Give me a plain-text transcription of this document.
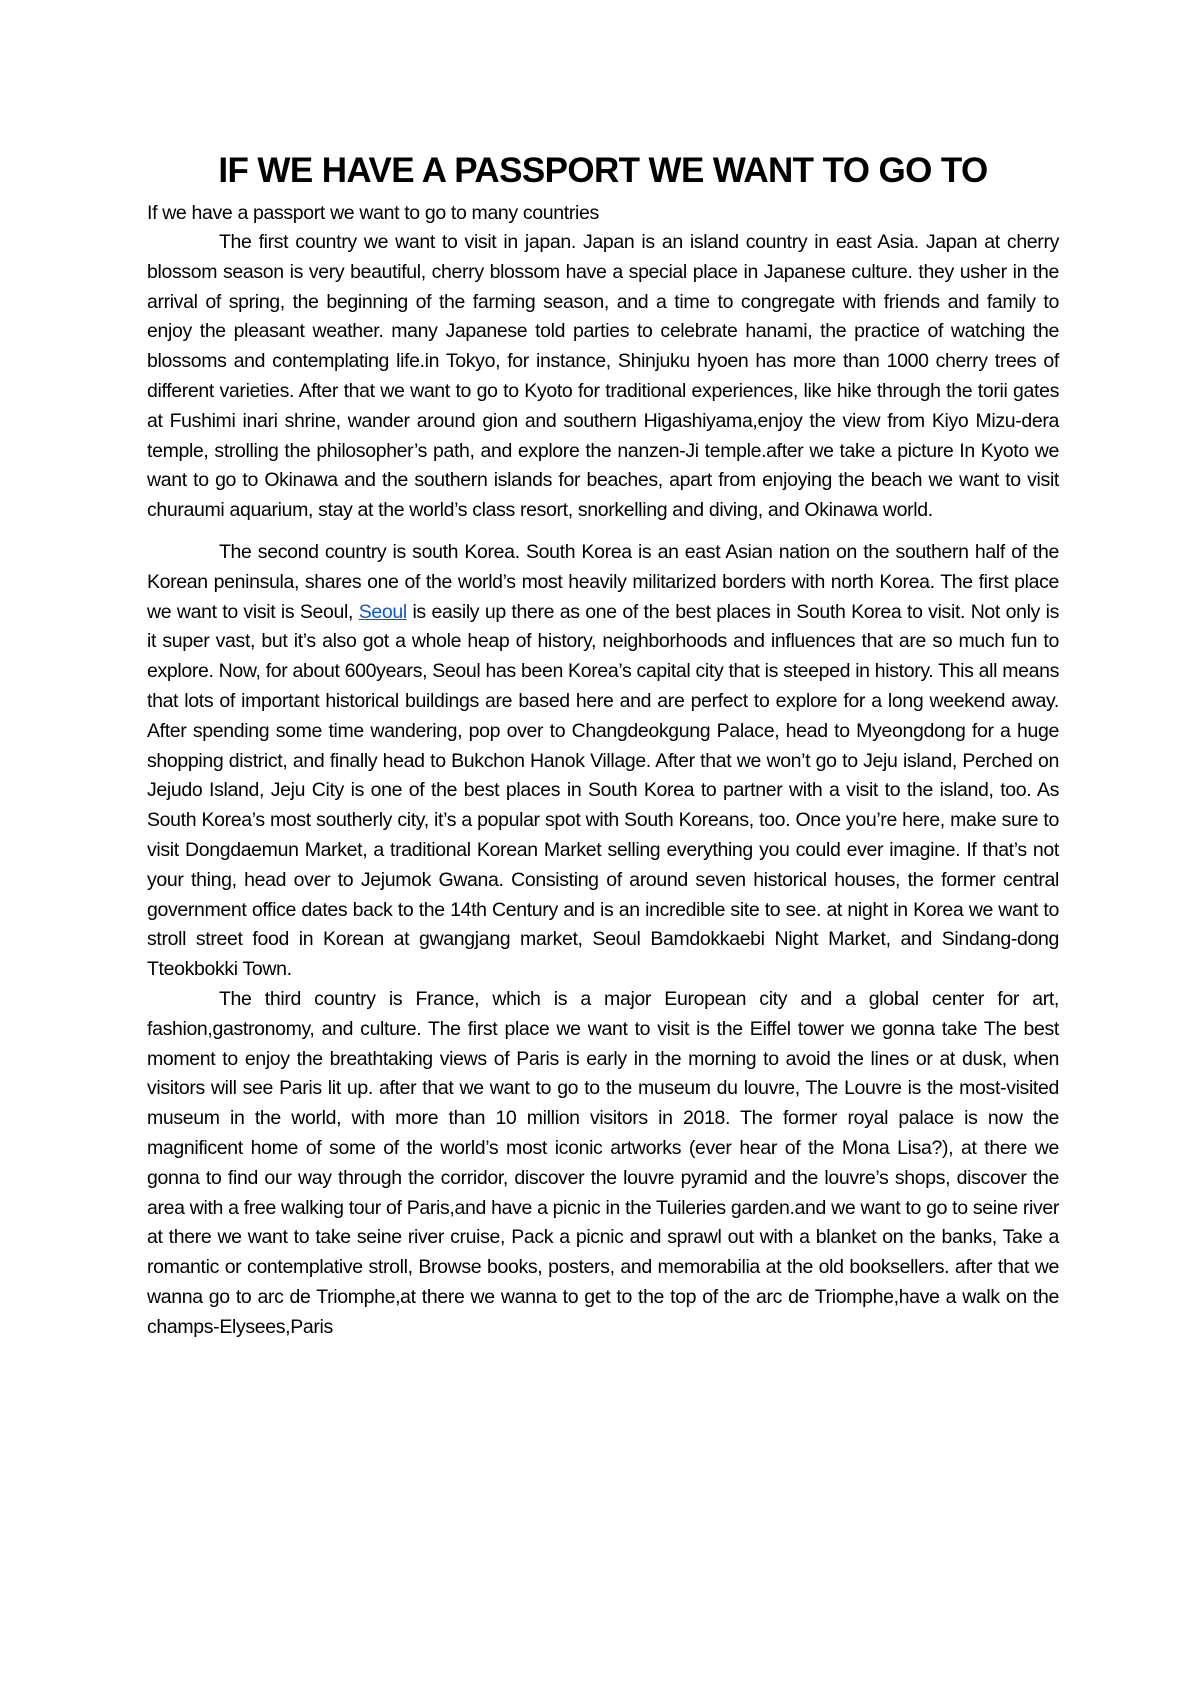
IF WE HAVE A PASSPORT WE WANT TO GO TO

If we have a passport we want to go to many countries

The first country we want to visit in japan. Japan is an island country in east Asia. Japan at cherry blossom season is very beautiful, cherry blossom have a special place in Japanese culture. they usher in the arrival of spring, the beginning of the farming season, and a time to congregate with friends and family to enjoy the pleasant weather. many Japanese told parties to celebrate hanami, the practice of watching the blossoms and contemplating life.in Tokyo, for instance, Shinjuku hyoen has more than 1000 cherry trees of different varieties. After that we want to go to Kyoto for traditional experiences, like hike through the torii gates at Fushimi inari shrine, wander around gion and southern Higashiyama,enjoy the view from Kiyo Mizu-dera temple, strolling the philosopher’s path, and explore the nanzen-Ji temple.after we take a picture In Kyoto we want to go to Okinawa and the southern islands for beaches, apart from enjoying the beach we want to visit churaumi aquarium, stay at the world’s class resort, snorkelling and diving, and Okinawa world.

The second country is south Korea. South Korea is an east Asian nation on the southern half of the Korean peninsula, shares one of the world’s most heavily militarized borders with north Korea. The first place we want to visit is Seoul, Seoul is easily up there as one of the best places in South Korea to visit. Not only is it super vast, but it’s also got a whole heap of history, neighborhoods and influences that are so much fun to explore. Now, for about 600years, Seoul has been Korea’s capital city that is steeped in history. This all means that lots of important historical buildings are based here and are perfect to explore for a long weekend away. After spending some time wandering, pop over to Changdeokgung Palace, head to Myeongdong for a huge shopping district, and finally head to Bukchon Hanok Village. After that we won’t go to Jeju island, Perched on Jejudo Island, Jeju City is one of the best places in South Korea to partner with a visit to the island, too. As South Korea’s most southerly city, it’s a popular spot with South Koreans, too. Once you’re here, make sure to visit Dongdaemun Market, a traditional Korean Market selling everything you could ever imagine. If that’s not your thing, head over to Jejumok Gwana. Consisting of around seven historical houses, the former central government office dates back to the 14th Century and is an incredible site to see. at night in Korea we want to stroll street food in Korean at gwangjang market, Seoul Bamdokkaebi Night Market, and Sindang-dong Tteokbokki Town.

The third country is France, which is a major European city and a global center for art, fashion,gastronomy, and culture. The first place we want to visit is the Eiffel tower we gonna take The best moment to enjoy the breathtaking views of Paris is early in the morning to avoid the lines or at dusk, when visitors will see Paris lit up. after that we want to go to the museum du louvre, The Louvre is the most-visited museum in the world, with more than 10 million visitors in 2018. The former royal palace is now the magnificent home of some of the world’s most iconic artworks (ever hear of the Mona Lisa?), at there we gonna to find our way through the corridor, discover the louvre pyramid and the louvre’s shops, discover the area with a free walking tour of Paris,and have a picnic in the Tuileries garden.and we want to go to seine river at there we want to take seine river cruise, Pack a picnic and sprawl out with a blanket on the banks, Take a romantic or contemplative stroll, Browse books, posters, and memorabilia at the old booksellers. after that we wanna go to arc de Triomphe,at there we wanna to get to the top of the arc de Triomphe,have a walk on the champs-Elysees,Paris
